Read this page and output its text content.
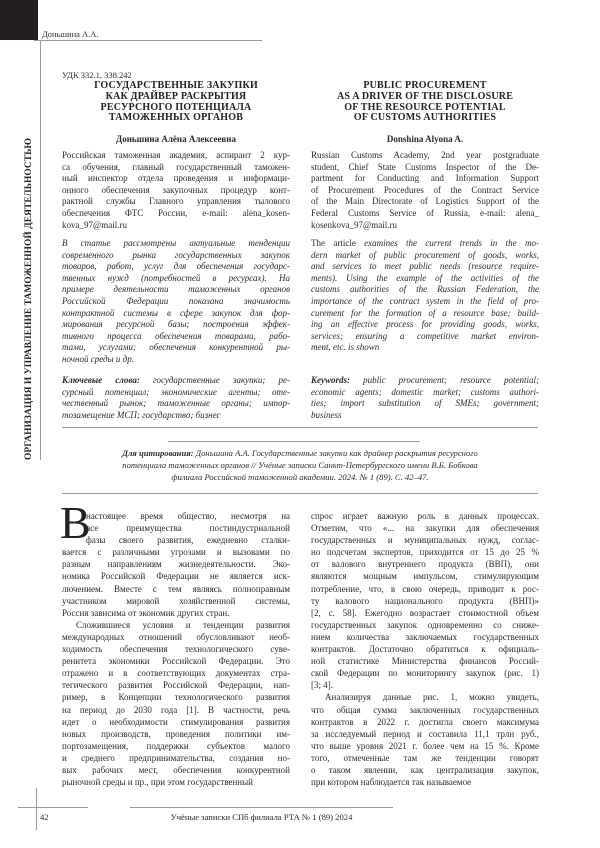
Доньшина А.А.
ОРГАНИЗАЦИЯ И УПРАВЛЕНИЕ ТАМОЖЕННОЙ ДЕЯТЕЛЬНОСТЬЮ
УДК 332.1, 338.242
ГОСУДАРСТВЕННЫЕ ЗАКУПКИ
КАК ДРАЙВЕР РАСКРЫТИЯ
РЕСУРСНОГО ПОТЕНЦИАЛА
ТАМОЖЕННЫХ ОРГАНОВ
PUBLIC PROCUREMENT
AS A DRIVER OF THE DISCLOSURE
OF THE RESOURCE POTENTIAL
OF CUSTOMS AUTHORITIES
Доньшина Алёна Алексеевна	Donshina Alyona A.
Российская таможенная академия, аспирант 2 кур-
са обучения, главный государственный таможен-
ный инспектор отдела проведения и информаци-
онного обеспечения закупочных процедур конт-
рактной службы Главного управления тылового
обеспечения ФТС России, e-mail: alena_kosen-
kova_97@mail.ru
Russian Customs Academy, 2nd year postgraduate
student, Chief State Customs Inspector of the De-
partment for Conducting and Information Support
of Procurement Procedures of the Contract Service
of the Main Directorate of Logistics Support of the
Federal Customs Service of Russia, e-mail: alena_
kosenkova_97@mail.ru
В статье рассмотрены актуальные тенденции
современного рынка государственных закупок
товаров, работ, услуг для обеспечения государс-
твенных нужд (потребностей в ресурсах). На
примере деятельности таможенных органов
Российской Федерации показана значимость
контрактной системы в сфере закупок для фор-
мирования ресурсной базы; построения эффек-
тивного процесса обеспечения товарами, рабо-
тами, услугами; обеспечения конкурентной ры-
ночной среды и др.
The article examines the current trends in the mo-
dern market of public procurement of goods, works,
and services to meet public needs (resource require-
ments). Using the example of the activities of the
customs authorities of the Russian Federation, the
importance of the contract system in the field of pro-
curement for the formation of a resource base; build-
ing an effective process for providing goods, works,
services; ensuring a competitive market environ-
ment, etc. is shown
Ключевые слова: государственные закупки; ре-
сурсный потенциал; экономические агенты; оте-
чественный рынок; таможенные органы; импор-
тозамещение МСП; государство; бизнес
Keywords: public procurement; resource potential;
economic agents; domestic market; customs authori-
ties; import substitution of SMEs; government;
business
Для цитирования: Доньшина А.А. Государственные закупки как драйвер раскрытия ресурсного
потенциала таможенных органов // Учёные записки Санкт-Петербургского имени В.Б. Бобкова
филиала Российской таможенной академии. 2024. № 1 (89). С. 42–47.
В
настоящее время общество, несмотря на
все преимущества постиндустриальной
фазы своего развития, ежедневно сталки-
вается с различными угрозами и вызовами по
разным направлениям жизнедеятельности. Эко-
номика Российской Федерации не является иск-
лючением. Вместе с тем являясь полноправным
участником мировой хозяйственной системы,
Россия зависима от экономик других стран.
Сложившиеся условия и тенденции развития
международных отношений обусловливают необ-
ходимость обеспечения технологического суве-
ренитета экономики Российской Федерации. Это
отражено и в соответствующих документах стра-
тегического развития Российской Федерации, нап-
ример, в Концепции технологического развития
на период до 2030 года [1]. В частности, речь
идет о необходимости стимулирования развития
новых производств, проведения политики им-
портозамещения, поддержки субъектов малого
и среднего предпринимательства, создания но-
вых рабочих мест, обеспечения конкурентной
рыночной среды и пр., при этом государственный
спрос играет важную роль в данных процессах.
Отметим, что «... на закупки для обеспечения
государственных и муниципальных нужд, соглас-
но подсчетам экспертов, приходится от 15 до 25 %
от валового внутреннего продукта (ВВП), они
являются мощным импульсом, стимулирующим
потребление, что, в свою очередь, приводит к рос-
ту валового национального продукта (ВНП)»
[2, с. 58]. Ежегодно возрастает стоимостной объем
государственных закупок одновременно со сниже-
нием количества заключаемых государственных
контрактов. Достаточно обратиться к официаль-
ной статистике Министерства финансов Россий-
ской Федерации по мониторингу закупок (рис. 1)
[3; 4].
Анализируя данные рис. 1, можно увидеть,
что общая сумма заключенных государственных
контрактов в 2022 г. достигла своего максимума
за исследуемый период и составила 11,1 трлн руб.,
что выше уровня 2021 г. более чем на 15 %. Кроме
того, отмеченные там же тенденции говорят
о таком явлении, как централизация закупок,
при котором наблюдается так называемое
42	Учёные записки СПб филиала РТА № 1 (89) 2024
